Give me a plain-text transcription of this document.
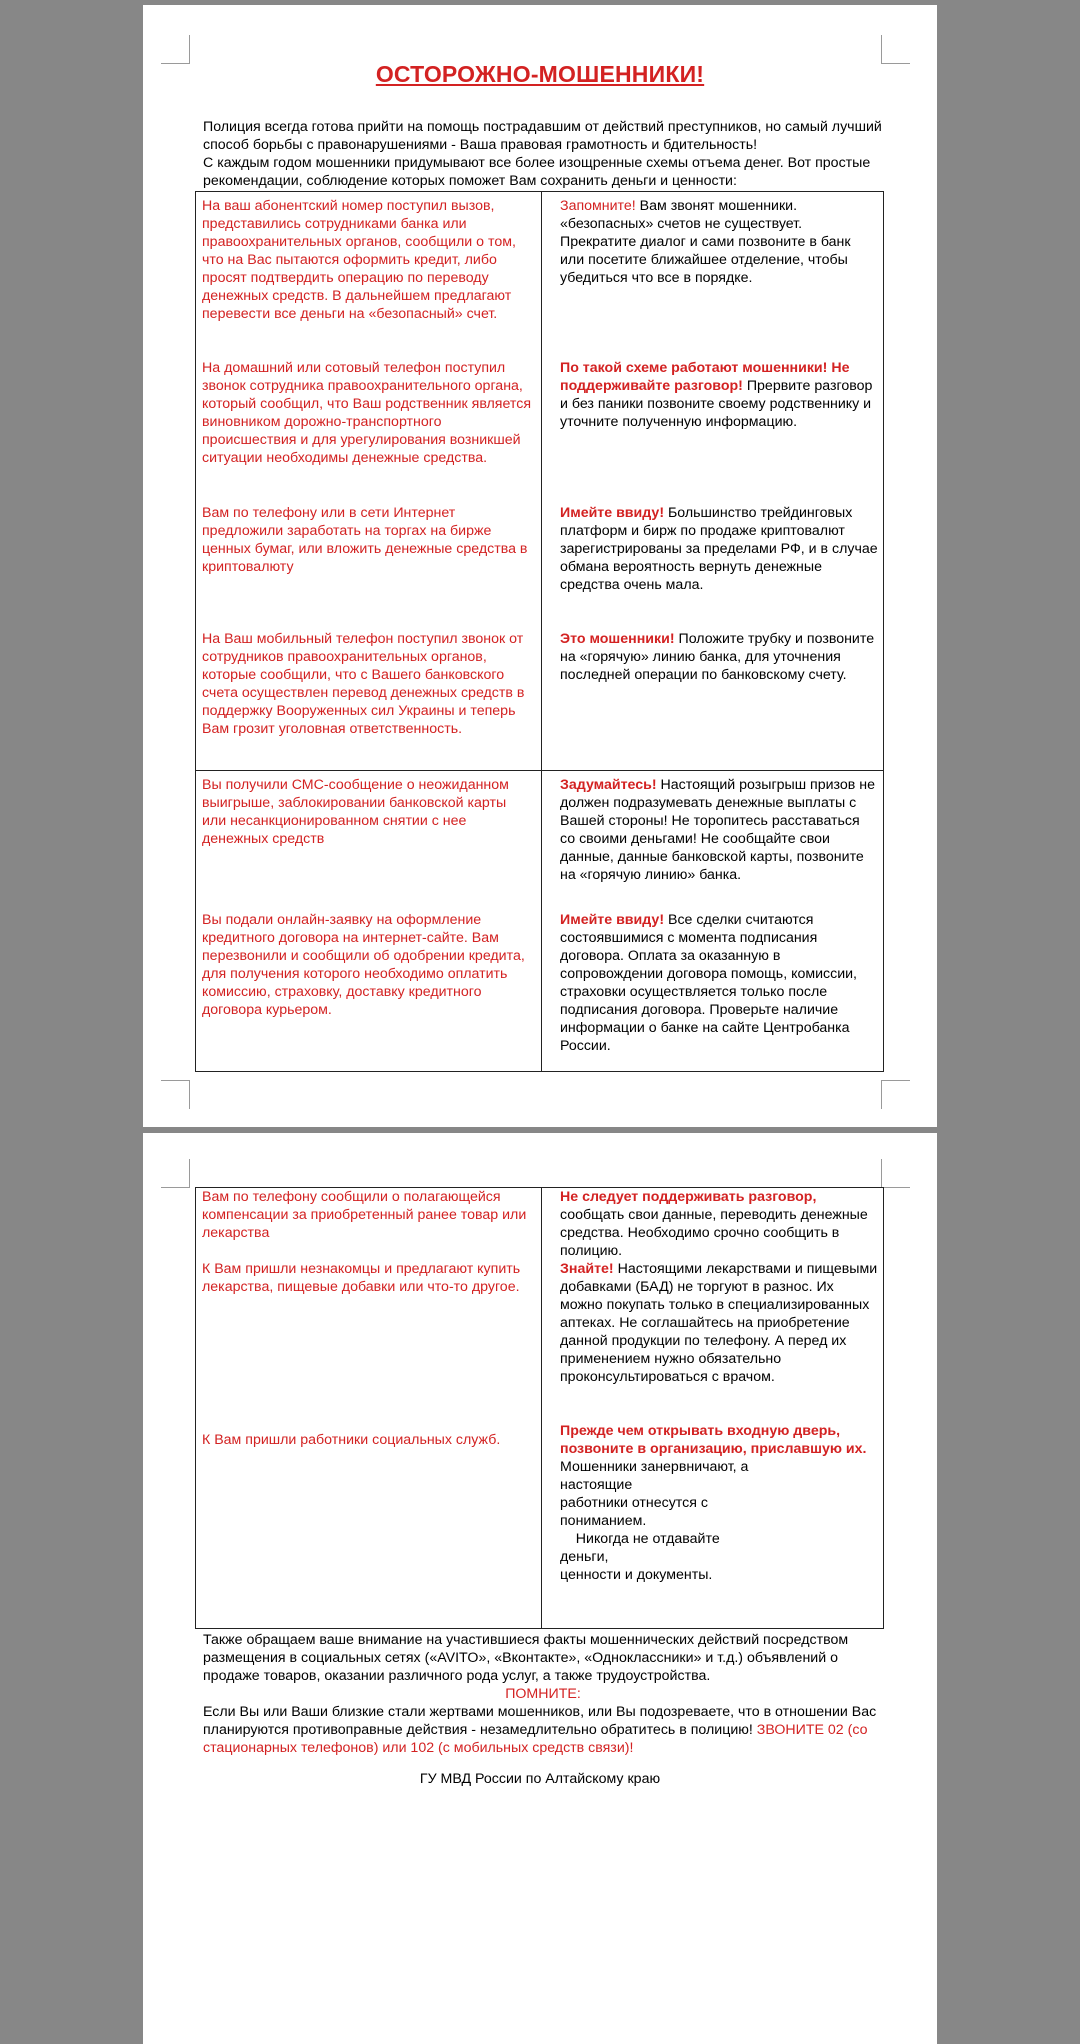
ОСТОРОЖНО-МОШЕННИКИ!

Полиция всегда готова прийти на помощь пострадавшим от действий преступников, но самый лучший способ борьбы с правонарушениями - Ваша правовая грамотность и бдительность!

С каждым годом мошенники придумывают все более изощренные схемы отъема денег. Вот простые рекомендации, соблюдение которых поможет Вам сохранить деньги и ценности:

На ваш абонентский номер поступил вызов, представились сотрудниками банка или правоохранительных органов, сообщили о том, что на Вас пытаются оформить кредит, либо просят подтвердить операцию по переводу денежных средств. В дальнейшем предлагают перевести все деньги на «безопасный» счет.
Запомните! Вам звонят мошенники. «безопасных» счетов не существует. Прекратите диалог и сами позвоните в банк или посетите ближайшее отделение, чтобы убедиться что все в порядке.
На домашний или сотовый телефон поступил звонок сотрудника правоохранительного органа, который сообщил, что Ваш родственник является виновником дорожно-транспортного происшествия и для урегулирования возникшей ситуации необходимы денежные средства.
По такой схеме работают мошенники! Не поддерживайте разговор! Прервите разговор и без паники позвоните своему родственнику и уточните полученную информацию.
Вам по телефону или в сети Интернет предложили заработать на торгах на бирже ценных бумаг, или вложить денежные средства в криптовалюту
Имейте ввиду! Большинство трейдинговых платформ и бирж по продаже криптовалют зарегистрированы за пределами РФ, и в случае обмана вероятность вернуть денежные средства очень мала.
На Ваш мобильный телефон поступил звонок от сотрудников правоохранительных органов, которые сообщили, что с Вашего банковского счета осуществлен перевод денежных средств в поддержку Вооруженных сил Украины и теперь Вам грозит уголовная ответственность.
Это мошенники! Положите трубку и позвоните на «горячую» линию банка, для уточнения последней операции по банковскому счету.
Вы получили СМС-сообщение о неожиданном выигрыше, заблокировании банковской карты или несанкционированном снятии с нее денежных средств
Задумайтесь! Настоящий розыгрыш призов не должен подразумевать денежные выплаты с Вашей стороны! Не торопитесь расставаться со своими деньгами! Не сообщайте свои данные, данные банковской карты, позвоните на «горячую линию» банка.
Вы подали онлайн-заявку на оформление кредитного договора на интернет-сайте. Вам перезвонили и сообщили об одобрении кредита, для получения которого необходимо оплатить комиссию, страховку, доставку кредитного договора курьером.
Имейте ввиду! Все сделки считаются состоявшимися с момента подписания договора. Оплата за оказанную в сопровождении договора помощь, комиссии, страховки осуществляется только после подписания договора. Проверьте наличие информации о банке на сайте Центробанка России.
Вам по телефону сообщили о полагающейся компенсации за приобретенный ранее товар или лекарства
К Вам пришли незнакомцы и предлагают купить лекарства, пищевые добавки или что-то другое.
К Вам пришли работники социальных служб.
Не следует поддерживать разговор, сообщать свои данные, переводить денежные средства. Необходимо срочно сообщить в полицию.
Знайте! Настоящими лекарствами и пищевыми добавками (БАД) не торгуют в разнос. Их можно покупать только в специализированных аптеках. Не соглашайтесь на приобретение данной продукции по телефону. А перед их применением нужно обязательно проконсультироваться с врачом.
Прежде чем открывать входную дверь, позвоните в организацию, приславшую их.
Мошенники занервничают, а
настоящие
работники отнесутся с
пониманием.
Никогда не отдавайте
деньги,
ценности и документы.

Также обращаем ваше внимание на участившиеся факты мошеннических действий посредством размещения в социальных сетях («AVITO», «Вконтакте», «Одноклассники» и т.д.) объявлений о продаже товаров, оказании различного рода услуг, а также трудоустройства.

ПОМНИТЕ:

Если Вы или Ваши близкие стали жертвами мошенников, или Вы подозреваете, что в отношении Вас планируются противоправные действия - незамедлительно обратитесь в полицию! ЗВОНИТЕ 02 (со стационарных телефонов) или 102 (с мобильных средств связи)!

ГУ МВД России по Алтайскому краю
